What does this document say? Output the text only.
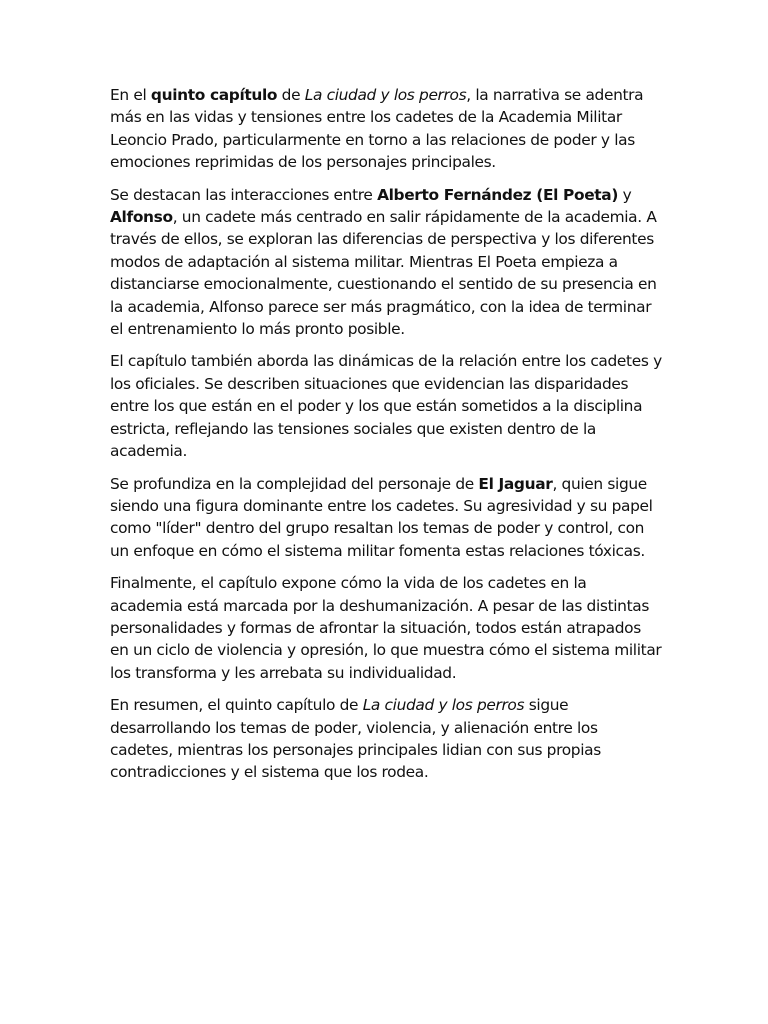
En el quinto capítulo de La ciudad y los perros, la narrativa se adentra más en las vidas y tensiones entre los cadetes de la Academia Militar Leoncio Prado, particularmente en torno a las relaciones de poder y las emociones reprimidas de los personajes principales.

Se destacan las interacciones entre Alberto Fernández (El Poeta) y Alfonso, un cadete más centrado en salir rápidamente de la academia. A través de ellos, se exploran las diferencias de perspectiva y los diferentes modos de adaptación al sistema militar. Mientras El Poeta empieza a distanciarse emocionalmente, cuestionando el sentido de su presencia en la academia, Alfonso parece ser más pragmático, con la idea de terminar el entrenamiento lo más pronto posible.

El capítulo también aborda las dinámicas de la relación entre los cadetes y los oficiales. Se describen situaciones que evidencian las disparidades entre los que están en el poder y los que están sometidos a la disciplina estricta, reflejando las tensiones sociales que existen dentro de la academia.

Se profundiza en la complejidad del personaje de El Jaguar, quien sigue siendo una figura dominante entre los cadetes. Su agresividad y su papel como "líder" dentro del grupo resaltan los temas de poder y control, con un enfoque en cómo el sistema militar fomenta estas relaciones tóxicas.

Finalmente, el capítulo expone cómo la vida de los cadetes en la academia está marcada por la deshumanización. A pesar de las distintas personalidades y formas de afrontar la situación, todos están atrapados en un ciclo de violencia y opresión, lo que muestra cómo el sistema militar los transforma y les arrebata su individualidad.

En resumen, el quinto capítulo de La ciudad y los perros sigue desarrollando los temas de poder, violencia, y alienación entre los cadetes, mientras los personajes principales lidian con sus propias contradicciones y el sistema que los rodea.
